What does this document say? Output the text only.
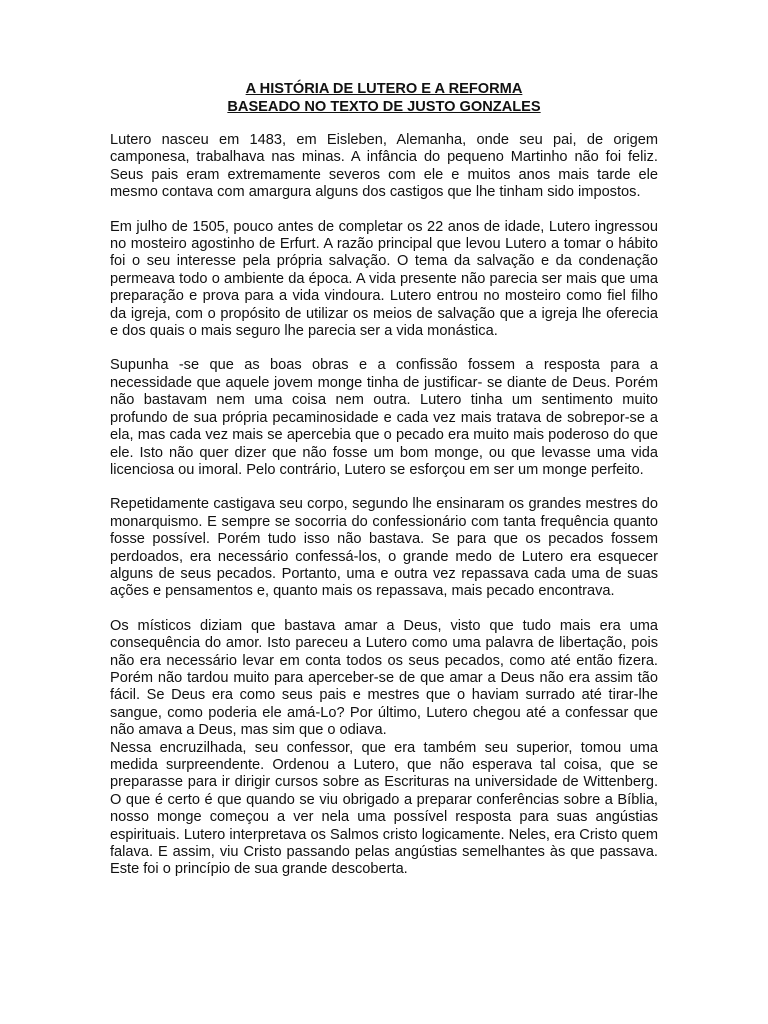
A HISTÓRIA DE LUTERO E A REFORMA

BASEADO NO TEXTO DE JUSTO GONZALES

Lutero nasceu em 1483, em Eisleben, Alemanha, onde seu pai, de origem camponesa, trabalhava nas minas. A infância do pequeno Martinho não foi feliz. Seus pais eram extremamente severos com ele e muitos anos mais tarde ele mesmo contava com amargura alguns dos castigos que lhe tinham sido impostos.

Em julho de 1505, pouco antes de completar os 22 anos de idade, Lutero ingressou no mosteiro agostinho de Erfurt. A razão principal que levou Lutero a tomar o hábito foi o seu interesse pela própria salvação. O tema da salvação e da condenação permeava todo o ambiente da época. A vida presente não parecia ser mais que uma preparação e prova para a vida vindoura. Lutero entrou no mosteiro como fiel filho da igreja, com o propósito de utilizar os meios de salvação que a igreja lhe oferecia e dos quais o mais seguro lhe parecia ser a vida monástica.

Supunha -se que as boas obras e a confissão fossem a resposta para a necessidade que aquele jovem monge tinha de justificar- se diante de Deus. Porém não bastavam nem uma coisa nem outra. Lutero tinha um sentimento muito profundo de sua própria pecaminosidade e cada vez mais tratava de sobrepor-se a ela, mas cada vez mais se apercebia que o pecado era muito mais poderoso do que ele. Isto não quer dizer que não fosse um bom monge, ou que levasse uma vida licenciosa ou imoral. Pelo contrário, Lutero se esforçou em ser um monge perfeito.

Repetidamente castigava seu corpo, segundo lhe ensinaram os grandes mestres do monarquismo. E sempre se socorria do confessionário com tanta frequência quanto fosse possível. Porém tudo isso não bastava. Se para que os pecados fossem perdoados, era necessário confessá-los, o grande medo de Lutero era esquecer alguns de seus pecados. Portanto, uma e outra vez repassava cada uma de suas ações e pensamentos e, quanto mais os repassava, mais pecado encontrava.

Os místicos diziam que bastava amar a Deus, visto que tudo mais era uma consequência do amor. Isto pareceu a Lutero como uma palavra de libertação, pois não era necessário levar em conta todos os seus pecados, como até então fizera. Porém não tardou muito para aperceber-se de que amar a Deus não era assim tão fácil. Se Deus era como seus pais e mestres que o haviam surrado até tirar-lhe sangue, como poderia ele amá-Lo? Por último, Lutero chegou até a confessar que não amava a Deus, mas sim que o odiava.

Nessa encruzilhada, seu confessor, que era também seu superior, tomou uma medida surpreendente. Ordenou a Lutero, que não esperava tal coisa, que se preparasse para ir dirigir cursos sobre as Escrituras na universidade de Wittenberg. O que é certo é que quando se viu obrigado a preparar conferências sobre a Bíblia, nosso monge começou a ver nela uma possível resposta para suas angústias espirituais. Lutero interpretava os Salmos cristo logicamente. Neles, era Cristo quem falava. E assim, viu Cristo passando pelas angústias semelhantes às que passava. Este foi o princípio de sua grande descoberta.
